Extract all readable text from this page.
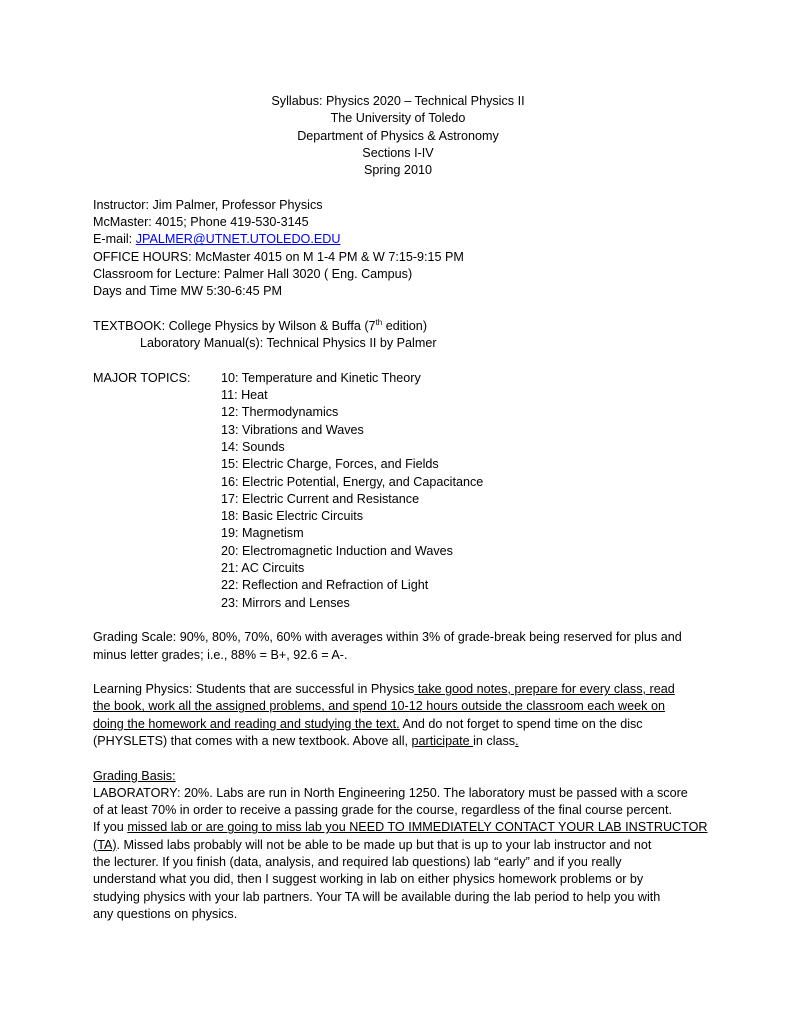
Syllabus: Physics 2020 – Technical Physics II
The University of Toledo
Department of Physics & Astronomy
Sections I-IV
Spring 2010
Instructor: Jim Palmer, Professor Physics
McMaster: 4015; Phone 419-530-3145
E-mail: JPALMER@UTNET.UTOLEDO.EDU
OFFICE HOURS: McMaster 4015 on M 1-4 PM & W 7:15-9:15 PM
Classroom for Lecture: Palmer Hall 3020 ( Eng. Campus)
Days and Time MW 5:30-6:45 PM
TEXTBOOK: College Physics by Wilson & Buffa (7th edition)
Laboratory Manual(s): Technical Physics II by Palmer
MAJOR TOPICS:	10: Temperature and Kinetic Theory
11: Heat
12: Thermodynamics
13: Vibrations and Waves
14: Sounds
15: Electric Charge, Forces, and Fields
16: Electric Potential, Energy, and Capacitance
17: Electric Current and Resistance
18: Basic Electric Circuits
19: Magnetism
20: Electromagnetic Induction and Waves
21: AC Circuits
22: Reflection and Refraction of Light
23: Mirrors and Lenses
Grading Scale: 90%, 80%, 70%, 60% with averages within 3% of grade-break being reserved for plus and
minus letter grades; i.e., 88% = B+, 92.6 = A-.
Learning Physics: Students that are successful in Physics take good notes, prepare for every class, read
the book, work all the assigned problems, and spend 10-12 hours outside the classroom each week on
doing the homework and reading and studying the text. And do not forget to spend time on the disc
(PHYSLETS) that comes with a new textbook. Above all, participate in class.
Grading Basis:
LABORATORY: 20%. Labs are run in North Engineering 1250. The laboratory must be passed with a score
of at least 70% in order to receive a passing grade for the course, regardless of the final course percent.
If you missed lab or are going to miss lab you NEED TO IMMEDIATELY CONTACT YOUR LAB INSTRUCTOR
(TA). Missed labs probably will not be able to be made up but that is up to your lab instructor and not
the lecturer. If you finish (data, analysis, and required lab questions) lab “early” and if you really
understand what you did, then I suggest working in lab on either physics homework problems or by
studying physics with your lab partners. Your TA will be available during the lab period to help you with
any questions on physics.
